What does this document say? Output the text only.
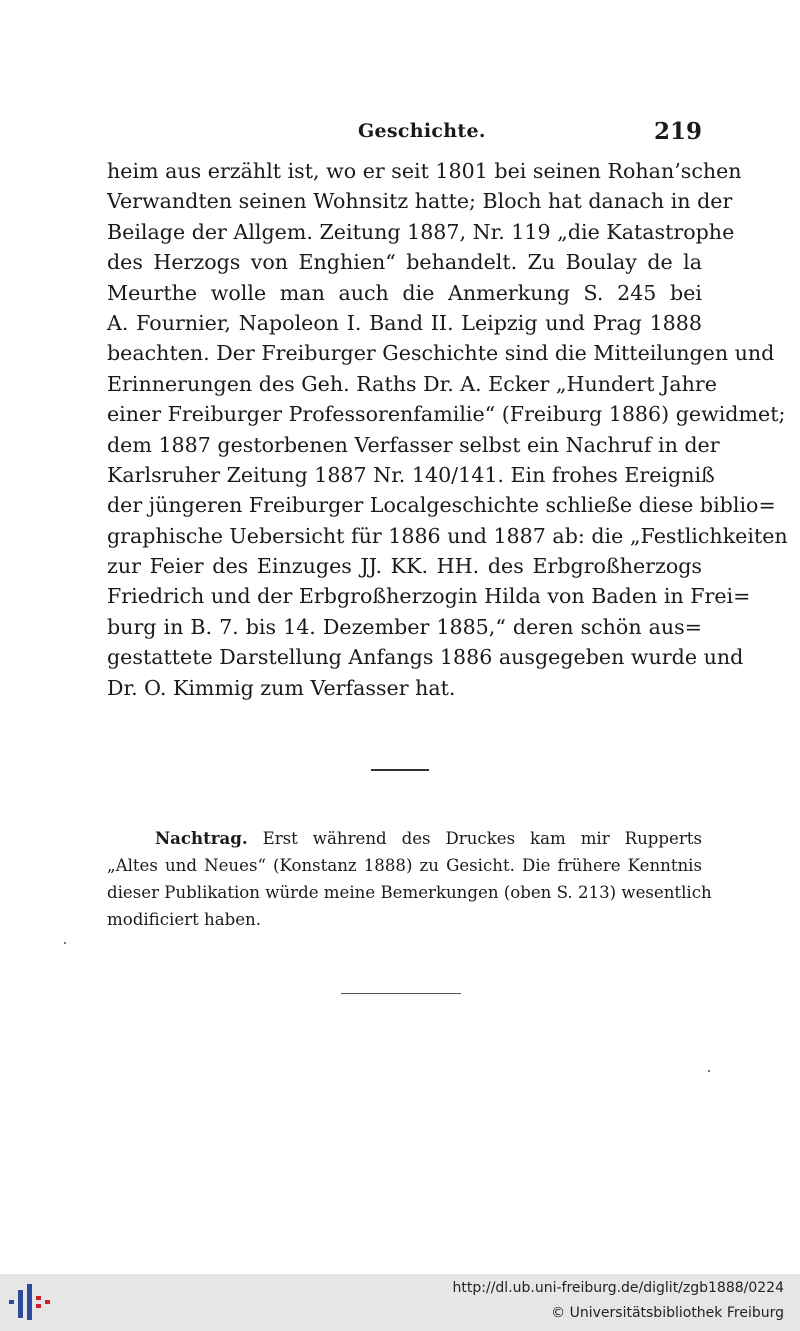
Geschichte.	219
heim aus erzählt ist, wo er seit 1801 bei seinen Rohan’schen
Verwandten seinen Wohnsitz hatte; Bloch hat danach in der
Beilage der Allgem. Zeitung 1887, Nr. 119 „die Katastrophe
des Herzogs von Enghien“ behandelt. Zu Boulay de la
Meurthe wolle man auch die Anmerkung S. 245 bei
A. Fournier, Napoleon I. Band II. Leipzig und Prag 1888
beachten. Der Freiburger Geschichte sind die Mitteilungen und
Erinnerungen des Geh. Raths Dr. A. Ecker „Hundert Jahre
einer Freiburger Professorenfamilie“ (Freiburg 1886) gewidmet;
dem 1887 gestorbenen Verfasser selbst ein Nachruf in der
Karlsruher Zeitung 1887 Nr. 140/141. Ein frohes Ereigniß
der jüngeren Freiburger Localgeschichte schließe diese biblio=
graphische Uebersicht für 1886 und 1887 ab: die „Festlichkeiten
zur Feier des Einzuges JJ. KK. HH. des Erbgroßherzogs
Friedrich und der Erbgroßherzogin Hilda von Baden in Frei=
burg in B. 7. bis 14. Dezember 1885,“ deren schön aus=
gestattete Darstellung Anfangs 1886 ausgegeben wurde und
Dr. O. Kimmig zum Verfasser hat.
Nachtrag. Erst während des Druckes kam mir Rupperts
„Altes und Neues“ (Konstanz 1888) zu Gesicht. Die frühere Kenntnis
dieser Publikation würde meine Bemerkungen (oben S. 213) wesentlich
modificiert haben.
http://dl.ub.uni-freiburg.de/diglit/zgb1888/0224
© Universitätsbibliothek Freiburg
